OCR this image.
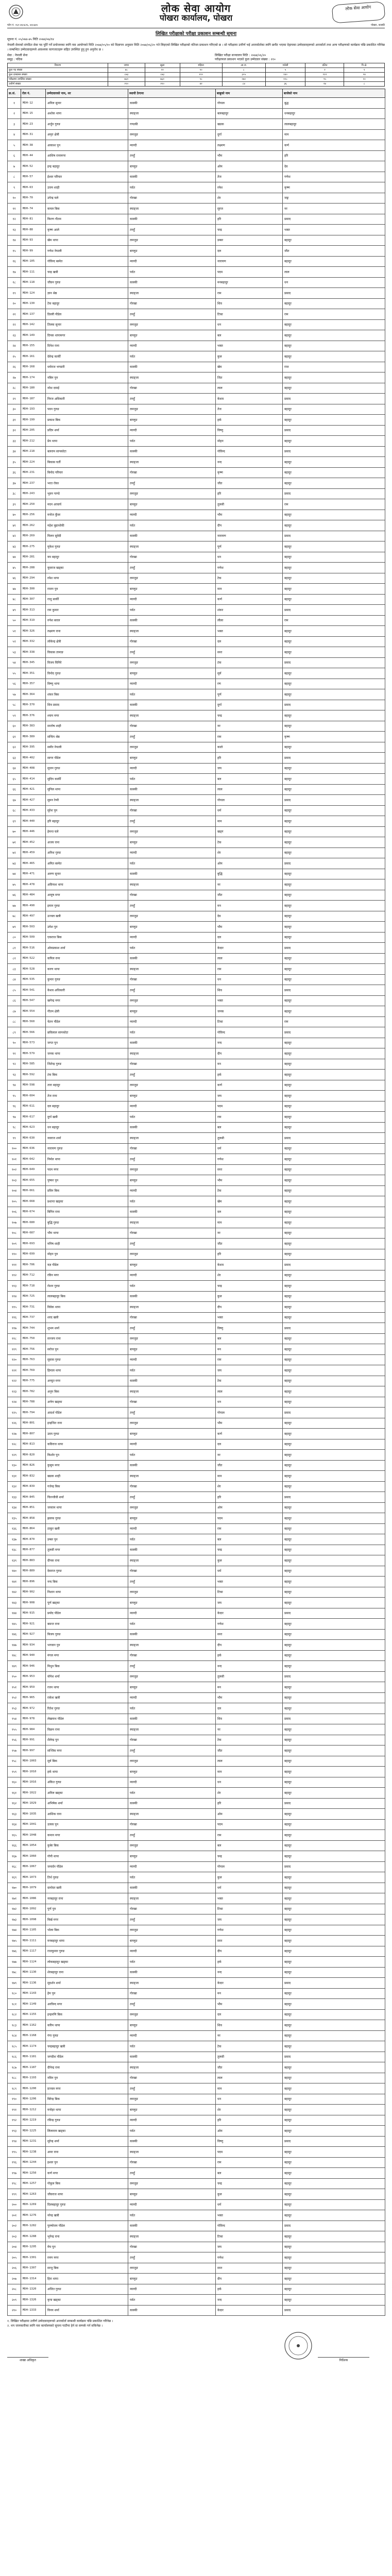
लोक सेवा आयोग
पोखरा कार्यालय, पोखरा
लोक सेवा आयोग
फोन नं. ०६१-४६५६२६, ४६५६७५	पोखरा, कास्की
लिखित परीक्षाको परीक्षा प्रकाशन सम्बन्धी सूचना
सूचना नं. ०५/०७४-७५ मिति २०७४/०७/१४
नेपाली सेनाको संगठित सेवा पद पूर्ति गर्ने प्रयोजनका लागि यस आयोगको मिति २०७४/०५/१० को विज्ञापन अनुसार मिति २०७४/०६/२० गते लिइएको लिखित परीक्षाको नतिजा प्रकाशन गरिएको छ । सो परीक्षामा उत्तीर्ण भई अन्तर्वार्ताका लागि छनौट भएका देहायका उम्मेदवारहरूको अन्तर्वार्ता तथा अन्य परीक्षणको कार्यक्रम पछि प्रकाशित गरिनेछ । सम्बन्धित उम्मेदवारहरूले आवश्यक कागजातहरू सहित उपस्थित हुनु हुन अनुरोध छ ।
सेवा : नेपाली सेना
समूह : पदिक
लिखित परीक्षा सञ्चालन मिति : २०७४/०६/२०
परीक्षाफल प्रकाशन भएको कुल उम्मेदवार संख्या : २१०
विवरण	जम्मा	खुला	महिला	आ.ज.	मधेसी	दलित	पि.क्षे.
कुल पद संख्या	४८	२२	१०	८	५	२	१
कुल दरखास्त संख्या	८७३	८७३	१२०	३०५	१४०	११२	२४
परीक्षामा उपस्थित संख्या	७६१	७६१	९८	२७०	११८	९५	२०
उत्तीर्ण संख्या	२१०	२१०	४२	८४	३६	२४	८
क्र.सं.	रोल नं.	उम्मेदवारको नाम, थर	स्थायी ठेगाना	बाबुको नाम	बाजेको नाम
१	MDH-12	अनिल सुनार	कास्की	गोपाल	बुद्ध
२	MDH-15	अशोक थापा	स्याङ्जा	बलबहादुर	धनबहादुर
३	MDH-23	अर्जुन गुरुङ	गण्डकी	खडक	लालबहादुर
४	MDH-31	अमृत क्षेत्री	लमजुङ	दुर्गा	मान
५	MDH-38	आकाश पुन	म्याग्दी	लक्ष्मण	कर्ण
६	MDH-44	आशिष रानामगर	तनहुँ	भीम	हरि
७	MDH-52	इन्द्र बहादुर	बाग्लुङ	ओम	देव
८	MDH-57	ईश्वर परियार	कास्की	तेज	गणेश
९	MDH-63	उत्तम शाही	पर्वत	रमेश	कृष्ण
१०	MDH-70	उपेन्द्र घले	गोरखा	शेर	जङ्ग
११	MDH-74	कमल बिक	स्याङ्जा	सुरज	नर
१२	MDH-81	किरण गौतम	कास्की	हरि	प्रसाद
१३	MDH-88	कृष्ण आले	तनहुँ	चन्द्र	भक्त
१४	MDH-93	खेम थापा	लमजुङ	डम्बर	बहादुर
१५	MDH-99	गणेश नेपाली	बाग्लुङ	दल	जीत
१६	MDH-105	गोविन्द बस्नेत	म्याग्दी	नारायण	बहादुर
१७	MDH-111	चन्द्र खत्री	पर्वत	पदम	लाल
१८	MDH-118	जीवन गुरुङ	कास्की	मनबहादुर	धन
१९	MDH-124	ज्ञान श्रेष्ठ	स्याङ्जा	राम	प्रसाद
२०	MDH-130	टेक बहादुर	गोरखा	शिव	बहादुर
२१	MDH-137	डिल्ली पौडेल	तनहुँ	टिका	राम
२२	MDH-142	तिलक सुनार	लमजुङ	धन	बहादुर
२३	MDH-149	दिपक थापामगर	बाग्लुङ	बल	बहादुर
२४	MDH-155	दिनेश राना	म्याग्दी	भक्त	बहादुर
२५	MDH-161	देवेन्द्र कार्की	पर्वत	कुल	बहादुर
२६	MDH-168	धर्मराज भण्डारी	कास्की	खेम	राज
२७	MDH-174	नबिन पुन	स्याङ्जा	जित	बहादुर
२८	MDH-180	नरेश दमाई	गोरखा	लाल	बहादुर
२९	MDH-187	निरज अधिकारी	तनहुँ	केशव	प्रसाद
३०	MDH-193	पवन गुरुङ	लमजुङ	तेज	बहादुर
३१	MDH-199	प्रकाश बिक	बाग्लुङ	हर्क	बहादुर
३२	MDH-205	प्रदिप शर्मा	म्याग्दी	विष्णु	प्रसाद
३३	MDH-212	प्रेम थापा	पर्वत	मोहन	बहादुर
३४	MDH-218	बलराम सापकोटा	कास्की	गोविन्द	प्रसाद
३५	MDH-224	बिकास घर्ती	स्याङ्जा	नन्द	बहादुर
३६	MDH-231	बिनोद परियार	गोरखा	कृष्ण	बहादुर
३७	MDH-237	भरत रोका	तनहुँ	जीत	बहादुर
३८	MDH-243	भुवन पाण्डे	लमजुङ	हरि	प्रसाद
३९	MDH-250	मदन आचार्य	बाग्लुङ	तुलसी	राम
४०	MDH-256	मनोज कुँवर	म्याग्दी	भीम	बहादुर
४१	MDH-262	महेश बुढाथोकी	पर्वत	दीप	बहादुर
४२	MDH-269	मिलन सुवेदी	कास्की	नारायण	प्रसाद
४३	MDH-275	मुकेश गुरुङ	स्याङ्जा	पूर्ण	बहादुर
४४	MDH-281	यम बहादुर	गोरखा	धन	बहादुर
४५	MDH-288	युवराज खड्का	तनहुँ	गणेश	बहादुर
४६	MDH-294	रमेश थापा	लमजुङ	टेक	बहादुर
४७	MDH-300	राजन पुन	बाग्लुङ	मान	बहादुर
४८	MDH-307	राजु सार्की	म्याग्दी	कर्ण	बहादुर
४९	MDH-313	राम कुमार	पर्वत	शंकर	प्रसाद
५०	MDH-319	रुपेश बराल	कास्की	लीला	राम
५१	MDH-326	लक्ष्मण राना	स्याङ्जा	भक्त	बहादुर
५२	MDH-332	लोकेन्द्र क्षेत्री	गोरखा	दल	बहादुर
५३	MDH-338	विकास तामाङ	तनहुँ	सन्त	बहादुर
५४	MDH-345	विजय घिमिरे	लमजुङ	टंक	प्रसाद
५५	MDH-351	विनोद गुरुङ	बाग्लुङ	सुर्य	बहादुर
५६	MDH-357	विष्णु थापा	म्याग्दी	रण	बहादुर
५७	MDH-364	शंकर बिक	पर्वत	पूर्ण	बहादुर
५८	MDH-370	शिव प्रसाद	कास्की	दुर्गा	प्रसाद
५९	MDH-376	श्याम मगर	स्याङ्जा	चन्द्र	बहादुर
६०	MDH-383	सन्तोष शाही	गोरखा	नर	बहादुर
६१	MDH-389	सन्दिप श्रेष्ठ	तनहुँ	राम	कृष्ण
६२	MDH-395	समीर नेपाली	लमजुङ	काले	बहादुर
६३	MDH-402	सागर पौडेल	बाग्लुङ	हरि	प्रसाद
६४	MDH-408	सुजन गुरुङ	म्याग्दी	जय	बहादुर
६५	MDH-414	सुदिप कार्की	पर्वत	बल	बहादुर
६६	MDH-421	सुनिल थापा	कास्की	लाल	बहादुर
६७	MDH-427	सुमन रेग्मी	स्याङ्जा	गोपाल	प्रसाद
६८	MDH-433	सुरेश पुन	गोरखा	धर्म	बहादुर
६९	MDH-440	हरि बहादुर	तनहुँ	मान	बहादुर
७०	MDH-446	हेमन्त घले	लमजुङ	खड्ग	बहादुर
७१	MDH-452	अजय राना	बाग्लुङ	टेक	बहादुर
७२	MDH-459	अनिश गुरुङ	म्याग्दी	शेर	बहादुर
७३	MDH-465	अमित बस्नेत	पर्वत	ओम	प्रसाद
७४	MDH-471	अरुण सुनार	कास्की	बुद्धि	बहादुर
७५	MDH-478	अविनाश थापा	स्याङ्जा	नर	बहादुर
७६	MDH-484	आयुष मगर	गोरखा	जीत	बहादुर
७७	MDH-490	इमान गुरुङ	तनहुँ	मन	बहादुर
७८	MDH-497	उज्वल खत्री	लमजुङ	देव	बहादुर
७९	MDH-503	उमेश पुन	बाग्लुङ	भीम	बहादुर
८०	MDH-509	एकराज बिक	म्याग्दी	दल	बहादुर
८१	MDH-516	ओमप्रकाश शर्मा	पर्वत	केदार	प्रसाद
८२	MDH-522	कपिल राना	कास्की	लाल	बहादुर
८३	MDH-528	करण थापा	स्याङ्जा	राम	बहादुर
८४	MDH-535	कुमार गुरुङ	गोरखा	धन	बहादुर
८५	MDH-541	केशव अधिकारी	तनहुँ	शिव	प्रसाद
८६	MDH-547	खगेन्द्र मगर	लमजुङ	भक्त	बहादुर
८७	MDH-554	गौतम क्षेत्री	बाग्लुङ	जनक	बहादुर
८८	MDH-560	चेतन पौडेल	म्याग्दी	टिका	राम
८९	MDH-566	छविलाल सापकोटा	पर्वत	गोविन्द	प्रसाद
९०	MDH-573	जगत पुन	कास्की	नन्द	बहादुर
९१	MDH-579	जनक थापा	स्याङ्जा	दीप	बहादुर
९२	MDH-585	जितेन्द्र गुरुङ	गोरखा	मन	बहादुर
९३	MDH-592	टंक बिक	तनहुँ	हर्क	बहादुर
९४	MDH-598	तारा बहादुर	लमजुङ	कर्ण	बहादुर
९५	MDH-604	तेज राना	बाग्लुङ	जय	बहादुर
९६	MDH-611	दल बहादुर	म्याग्दी	पदम	बहादुर
९७	MDH-617	दुर्गा खत्री	पर्वत	राम	बहादुर
९८	MDH-623	धन बहादुर	कास्की	बल	बहादुर
९९	MDH-630	नवराज शर्मा	स्याङ्जा	तुलसी	प्रसाद
१००	MDH-636	नारायण गुरुङ	गोरखा	धर्म	बहादुर
१०१	MDH-642	निर्मल थापा	तनहुँ	गणेश	बहादुर
१०२	MDH-649	पदम मगर	लमजुङ	सन्त	बहादुर
१०३	MDH-655	पुष्कर पुन	बाग्लुङ	भीम	बहादुर
१०४	MDH-661	प्रविन बिक	म्याग्दी	टेक	बहादुर
१०५	MDH-668	प्रशान्त खड्का	पर्वत	खेम	बहादुर
१०६	MDH-674	बिपिन राना	कास्की	दल	बहादुर
१०७	MDH-680	बुद्धि गुरुङ	स्याङ्जा	मान	बहादुर
१०८	MDH-687	भीम थापा	गोरखा	नर	बहादुर
१०९	MDH-693	मनिष शाही	तनहुँ	जीत	बहादुर
११०	MDH-699	मोहन पुन	लमजुङ	हरि	बहादुर
१११	MDH-706	यज्ञ पौडेल	बाग्लुङ	केशव	प्रसाद
११२	MDH-712	रविन मगर	म्याग्दी	शेर	बहादुर
११३	MDH-718	रोशन गुरुङ	पर्वत	चन्द्र	बहादुर
११४	MDH-725	लालबहादुर बिक	कास्की	कुल	बहादुर
११५	MDH-731	विवेक थापा	स्याङ्जा	दीप	बहादुर
११६	MDH-737	शरद खत्री	गोरखा	भक्त	बहादुर
११७	MDH-744	शुभम शर्मा	तनहुँ	विष्णु	प्रसाद
११८	MDH-750	सञ्जय राना	लमजुङ	बल	बहादुर
११९	MDH-756	सरोज पुन	बाग्लुङ	मन	बहादुर
१२०	MDH-763	सुवास गुरुङ	म्याग्दी	राम	बहादुर
१२१	MDH-769	हिमाल थापा	पर्वत	जय	बहादुर
१२२	MDH-775	अच्युत मगर	कास्की	टेक	बहादुर
१२३	MDH-782	अनुप बिक	स्याङ्जा	लाल	बहादुर
१२४	MDH-788	अर्पण खड्का	गोरखा	धन	बहादुर
१२५	MDH-794	आदर्श पौडेल	तनहुँ	गोपाल	प्रसाद
१२६	MDH-801	इन्द्रजित राना	लमजुङ	भीम	बहादुर
१२७	MDH-807	उदय गुरुङ	बाग्लुङ	कर्ण	बहादुर
१२८	MDH-813	कविराज थापा	म्याग्दी	दल	बहादुर
१२९	MDH-820	किशोर पुन	पर्वत	नर	बहादुर
१३०	MDH-826	कुसुम मगर	कास्की	जीत	बहादुर
१३१	MDH-832	खडक शाही	स्याङ्जा	मान	बहादुर
१३२	MDH-839	गजेन्द्र बिक	गोरखा	शेर	बहादुर
१३३	MDH-845	चिरन्जीवी शर्मा	तनहुँ	हरि	प्रसाद
१३४	MDH-851	जयराम थापा	लमजुङ	ओम	बहादुर
१३५	MDH-858	झलक गुरुङ	बाग्लुङ	पदम	बहादुर
१३६	MDH-864	ठाकुर खत्री	म्याग्दी	राम	बहादुर
१३७	MDH-870	डम्बर पुन	पर्वत	बल	बहादुर
१३८	MDH-877	तुलसी मगर	कास्की	चन्द्र	बहादुर
१३९	MDH-883	दीपक राना	स्याङ्जा	कुल	बहादुर
१४०	MDH-889	देवराज गुरुङ	गोरखा	धर्म	बहादुर
१४१	MDH-896	नन्द बिक	तनहुँ	भक्त	बहादुर
१४२	MDH-902	निशान थापा	लमजुङ	टिका	बहादुर
१४३	MDH-908	पूर्ण खड्का	बाग्लुङ	जय	बहादुर
१४४	MDH-915	प्रमोद पौडेल	म्याग्दी	केदार	प्रसाद
१४५	MDH-921	बसन्त राना	पर्वत	गणेश	बहादुर
१४६	MDH-927	बिजय गुरुङ	कास्की	सन्त	बहादुर
१४७	MDH-934	भगवान पुन	स्याङ्जा	दीप	बहादुर
१४८	MDH-940	मंगल मगर	गोरखा	हर्क	बहादुर
१४९	MDH-946	मिथुन बिक	तनहुँ	नन्द	बहादुर
१५०	MDH-953	योगेश शर्मा	लमजुङ	तुलसी	प्रसाद
१५१	MDH-959	रजन थापा	बाग्लुङ	मन	बहादुर
१५२	MDH-965	राकेश खत्री	म्याग्दी	भीम	बहादुर
१५३	MDH-972	रितेश गुरुङ	पर्वत	दल	बहादुर
१५४	MDH-978	लेखनाथ पौडेल	कास्की	शिव	प्रसाद
१५५	MDH-984	विक्रम राना	स्याङ्जा	नर	बहादुर
१५६	MDH-991	शैलेन्द्र पुन	गोरखा	टेक	बहादुर
१५७	MDH-997	सञ्जिव मगर	तनहुँ	जीत	बहादुर
१५८	MDH-1003	सुर्य बिक	लमजुङ	लाल	बहादुर
१५९	MDH-1010	हर्क थापा	बाग्लुङ	मान	बहादुर
१६०	MDH-1016	अंकित गुरुङ	म्याग्दी	धन	बहादुर
१६१	MDH-1022	अनिल खड्का	पर्वत	शेर	बहादुर
१६२	MDH-1029	अभिषेक शर्मा	कास्की	हरि	प्रसाद
१६३	MDH-1035	आशिक राना	स्याङ्जा	ओम	बहादुर
१६४	MDH-1041	उत्सव पुन	गोरखा	पदम	बहादुर
१६५	MDH-1048	कमान मगर	तनहुँ	राम	बहादुर
१६६	MDH-1054	कुबेर बिक	लमजुङ	बल	बहादुर
१६७	MDH-1060	गोपी थापा	बाग्लुङ	चन्द्र	बहादुर
१६८	MDH-1067	जनार्दन पौडेल	म्याग्दी	गोपाल	प्रसाद
१६९	MDH-1073	तिर्थ गुरुङ	पर्वत	कुल	बहादुर
१७०	MDH-1079	दामोदर खत्री	कास्की	धर्म	बहादुर
१७१	MDH-1086	नरबहादुर राना	स्याङ्जा	भक्त	बहादुर
१७२	MDH-1092	पुर्ण पुन	गोरखा	टिका	बहादुर
१७३	MDH-1098	बिर्ख मगर	तनहुँ	जय	बहादुर
१७४	MDH-1105	भोला बिक	लमजुङ	गणेश	बहादुर
१७५	MDH-1111	मनबहादुर थापा	बाग्लुङ	सन्त	बहादुर
१७६	MDH-1117	राजकुमार गुरुङ	म्याग्दी	दीप	बहादुर
१७७	MDH-1124	लोकबहादुर खड्का	पर्वत	हर्क	बहादुर
१७८	MDH-1130	शेरबहादुर राना	कास्की	नन्द	बहादुर
१७९	MDH-1136	सुदर्शन शर्मा	स्याङ्जा	केदार	प्रसाद
१८०	MDH-1143	हेम पुन	गोरखा	मन	बहादुर
१८१	MDH-1149	अरविन्द मगर	तनहुँ	भीम	बहादुर
१८२	MDH-1155	इन्द्रमणि बिक	लमजुङ	दल	बहादुर
१८३	MDH-1162	करिम थापा	बाग्लुङ	शिव	बहादुर
१८४	MDH-1168	गंगा गुरुङ	म्याग्दी	नर	बहादुर
१८५	MDH-1174	चन्द्रबहादुर खत्री	पर्वत	टेक	बहादुर
१८६	MDH-1181	जगदीश पौडेल	कास्की	तुलसी	प्रसाद
१८७	MDH-1187	दीपेन्द्र राना	स्याङ्जा	जीत	बहादुर
१८८	MDH-1193	नविन पुन	गोरखा	लाल	बहादुर
१८९	MDH-1200	प्रज्वल मगर	तनहुँ	मान	बहादुर
१९०	MDH-1206	बिरेन्द्र बिक	लमजुङ	धन	बहादुर
१९१	MDH-1212	मनोहर थापा	बाग्लुङ	शेर	बहादुर
१९२	MDH-1219	रविन्द्र गुरुङ	म्याग्दी	हरि	बहादुर
१९३	MDH-1225	लिलाराम खड्का	पर्वत	ओम	बहादुर
१९४	MDH-1231	सुरेन्द्र शर्मा	कास्की	विष्णु	प्रसाद
१९५	MDH-1238	अमर राना	स्याङ्जा	पदम	बहादुर
१९६	MDH-1244	इश्वर पुन	गोरखा	राम	बहादुर
१९७	MDH-1250	कर्ण मगर	तनहुँ	बल	बहादुर
१९८	MDH-1257	गोकुल बिक	लमजुङ	चन्द्र	बहादुर
१९९	MDH-1263	जीवराज थापा	बाग्लुङ	कुल	बहादुर
२००	MDH-1269	दिलबहादुर गुरुङ	म्याग्दी	धर्म	बहादुर
२०१	MDH-1276	नरेन्द्र खत्री	पर्वत	भक्त	बहादुर
२०२	MDH-1282	पुरुषोत्तम पौडेल	कास्की	गोविन्द	प्रसाद
२०३	MDH-1288	भुपेन्द्र राना	स्याङ्जा	टिका	बहादुर
२०४	MDH-1295	मेघ पुन	गोरखा	जय	बहादुर
२०५	MDH-1301	रमण मगर	तनहुँ	गणेश	बहादुर
२०६	MDH-1307	सन्जु बिक	लमजुङ	सन्त	बहादुर
२०७	MDH-1314	हिरा थापा	बाग्लुङ	दीप	बहादुर
२०८	MDH-1320	अजित गुरुङ	म्याग्दी	हर्क	बहादुर
२०९	MDH-1326	कृपा खड्का	पर्वत	नन्द	बहादुर
२१०	MDH-1333	विनय शर्मा	कास्की	केदार	प्रसाद
१. लिखित परीक्षामा उत्तीर्ण उम्मेदवारहरूको अन्तर्वार्ता सम्बन्धी कार्यक्रम पछि प्रकाशित गरिनेछ ।
२. थप जानकारीका लागि यस कार्यालयको सूचना पाटीमा हेर्न वा सम्पर्क गर्न सकिनेछ ।
शाखा अधिकृत	निर्देशक
